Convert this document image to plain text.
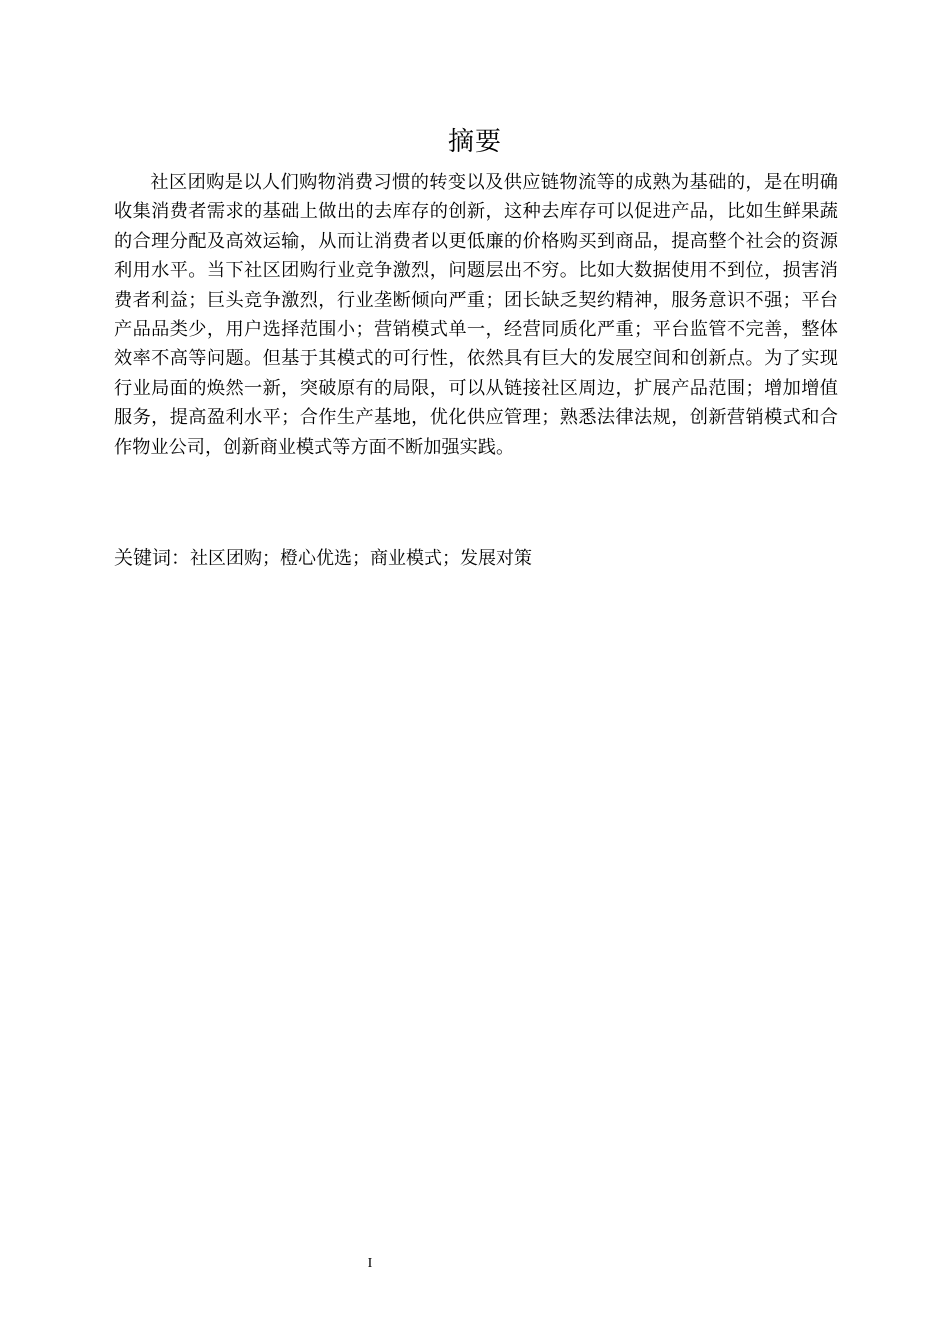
摘要

社区团购是以人们购物消费习惯的转变以及供应链物流等的成熟为基础的，是在明确收集消费者需求的基础上做出的去库存的创新，这种去库存可以促进产品，比如生鲜果蔬的合理分配及高效运输，从而让消费者以更低廉的价格购买到商品，提高整个社会的资源利用水平。当下社区团购行业竞争激烈，问题层出不穷。比如大数据使用不到位，损害消费者利益；巨头竞争激烈，行业垄断倾向严重；团长缺乏契约精神，服务意识不强；平台产品品类少，用户选择范围小；营销模式单一，经营同质化严重；平台监管不完善，整体效率不高等问题。但基于其模式的可行性，依然具有巨大的发展空间和创新点。为了实现行业局面的焕然一新，突破原有的局限，可以从链接社区周边，扩展产品范围；增加增值服务，提高盈利水平；合作生产基地，优化供应管理；熟悉法律法规，创新营销模式和合作物业公司，创新商业模式等方面不断加强实践。

关键词：社区团购；橙心优选；商业模式；发展对策

I
